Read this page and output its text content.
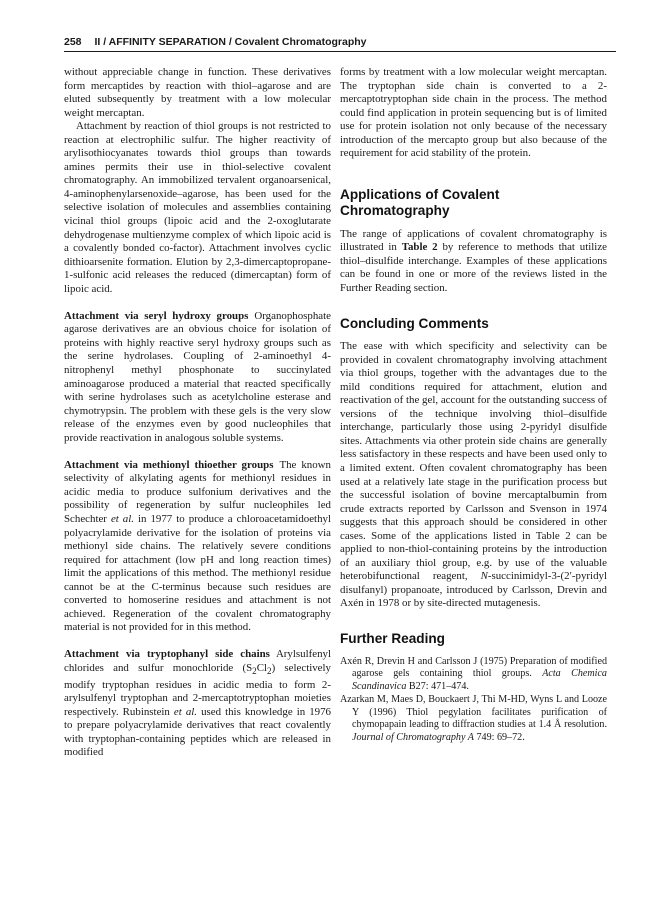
258 II / AFFINITY SEPARATION / Covalent Chromatography

without appreciable change in function. These derivatives form mercaptides by reaction with thiol–agarose and are eluted subsequently by treatment with a low molecular weight mercaptan.

Attachment by reaction of thiol groups is not restricted to reaction at electrophilic sulfur. The higher reactivity of arylisothiocyanates towards thiol groups than towards amines permits their use in thiol-selective covalent chromatography. An immobilized tervalent organoarsenical, 4-aminophenylarsenoxide–agarose, has been used for the selective isolation of molecules and assemblies containing vicinal thiol groups (lipoic acid and the 2-oxoglutarate dehydrogenase multienzyme complex of which lipoic acid is a covalently bonded co-factor). Attachment involves cyclic dithioarsenite formation. Elution by 2,3-dimercaptopropane-1-sulfonic acid releases the reduced (dimercaptan) form of lipoic acid.

Attachment via seryl hydroxy groups Organophosphate agarose derivatives are an obvious choice for isolation of proteins with highly reactive seryl hydroxy groups such as the serine hydrolases. Coupling of 2-aminoethyl 4-nitrophenyl methyl phosphonate to succinylated aminoagarose produced a material that reacted specifically with serine hydrolases such as acetylcholine esterase and chymotrypsin. The problem with these gels is the very slow release of the enzymes even by good nucleophiles that provide reactivation in analogous soluble systems.

Attachment via methionyl thioether groups The known selectivity of alkylating agents for methionyl residues in acidic media to produce sulfonium derivatives and the possibility of regeneration by sulfur nucleophiles led Schechter et al. in 1977 to produce a chloroacetamidoethyl polyacrylamide derivative for the isolation of proteins via methionyl side chains. The relatively severe conditions required for attachment (low pH and long reaction times) limit the applications of this method. The methionyl residue cannot be at the C-terminus because such residues are converted to homoserine residues and attachment is not achieved. Regeneration of the covalent chromatography material is not provided for in this method.

Attachment via tryptophanyl side chains Arylsulfenyl chlorides and sulfur monochloride $(S_2Cl_2)$ selectively modify tryptophan residues in acidic media to form 2-arylsulfenyl tryptophan and 2-mercaptotryptophan moieties respectively. Rubinstein et al. used this knowledge in 1976 to prepare polyacrylamide derivatives that react covalently with tryptophan-containing peptides which are released in modified

forms by treatment with a low molecular weight mercaptan. The tryptophan side chain is converted to a 2-mercaptotryptophan side chain in the process. The method could find application in protein sequencing but is of limited use for protein isolation not only because of the necessary introduction of the mercapto group but also because of the requirement for acid stability of the protein.

Applications of Covalent Chromatography

The range of applications of covalent chromatography is illustrated in Table 2 by reference to methods that utilize thiol–disulfide interchange. Examples of these applications can be found in one or more of the reviews listed in the Further Reading section.

Concluding Comments

The ease with which specificity and selectivity can be provided in covalent chromatography involving attachment via thiol groups, together with the advantages due to the mild conditions required for attachment, elution and reactivation of the gel, account for the outstanding success of versions of the technique involving thiol–disulfide interchange, particularly those using 2-pyridyl disulfide sites. Attachments via other protein side chains are generally less satisfactory in these respects and have been used only to a limited extent. Often covalent chromatography has been used at a relatively late stage in the purification process but the successful isolation of bovine mercaptalbumin from crude extracts reported by Carlsson and Svenson in 1974 suggests that this approach should be considered in other cases. Some of the applications listed in Table 2 can be applied to non-thiol-containing proteins by the introduction of an auxiliary thiol group, e.g. by use of the valuable heterobifunctional reagent, N-succinimidyl-3-(2′-pyridyl disulfanyl) propanoate, introduced by Carlsson, Drevin and Axén in 1978 or by site-directed mutagenesis.

Further Reading
Axén R, Drevin H and Carlsson J (1975) Preparation of modified agarose gels containing thiol groups. Acta Chemica Scandinavica B27: 471–474.
Azarkan M, Maes D, Bouckaert J, Thi M-HD, Wyns L and Looze Y (1996) Thiol pegylation facilitates purification of chymopapain leading to diffraction studies at 1.4 Å resolution. Journal of Chromatography A 749: 69–72.
